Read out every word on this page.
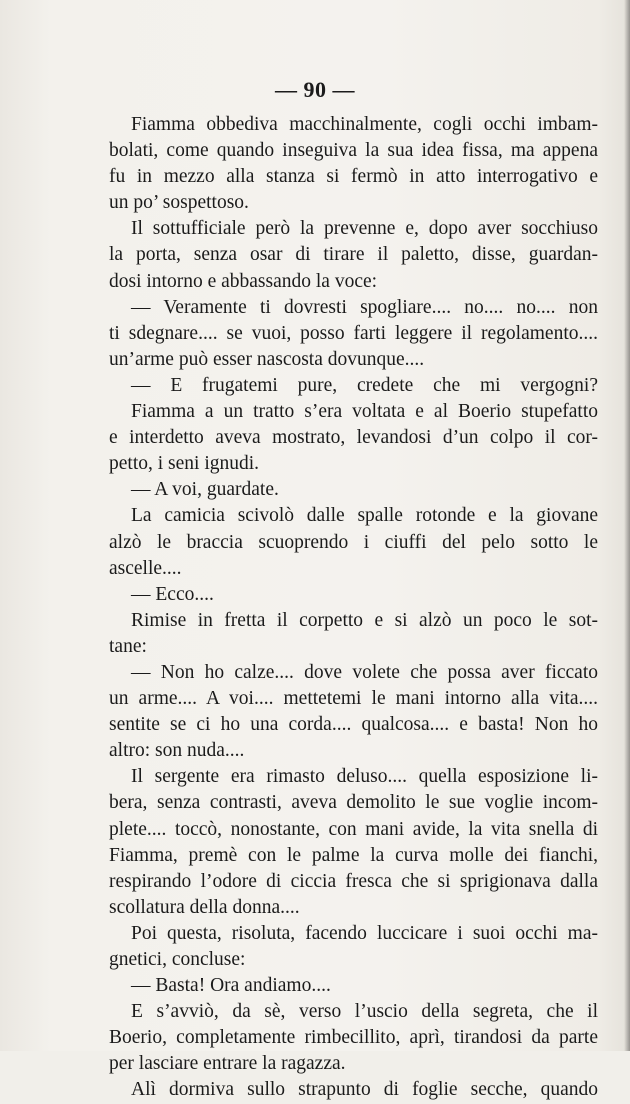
— 90 —
Fiamma obbediva macchinalmente, cogli occhi imbam-
bolati, come quando inseguiva la sua idea fissa, ma appena
fu in mezzo alla stanza si fermò in atto interrogativo e
un po’ sospettoso.
Il sottufficiale però la prevenne e, dopo aver socchiuso
la porta, senza osar di tirare il paletto, disse, guardan-
dosi intorno e abbassando la voce:
— Veramente ti dovresti spogliare.... no.... no.... non
ti sdegnare.... se vuoi, posso farti leggere il regolamento....
un’arme può esser nascosta dovunque....
— E frugatemi pure, credete che mi vergogni?
Fiamma a un tratto s’era voltata e al Boerio stupefatto
e interdetto aveva mostrato, levandosi d’un colpo il cor-
petto, i seni ignudi.
— A voi, guardate.
La camicia scivolò dalle spalle rotonde e la giovane
alzò le braccia scuoprendo i ciuffi del pelo sotto le
ascelle....
— Ecco....
Rimise in fretta il corpetto e si alzò un poco le sot-
tane:
— Non ho calze.... dove volete che possa aver ficcato
un arme.... A voi.... mettetemi le mani intorno alla vita....
sentite se ci ho una corda.... qualcosa.... e basta! Non ho
altro: son nuda....
Il sergente era rimasto deluso.... quella esposizione li-
bera, senza contrasti, aveva demolito le sue voglie incom-
plete.... toccò, nonostante, con mani avide, la vita snella di
Fiamma, premè con le palme la curva molle dei fianchi,
respirando l’odore di ciccia fresca che si sprigionava dalla
scollatura della donna....
Poi questa, risoluta, facendo luccicare i suoi occhi ma-
gnetici, concluse:
— Basta! Ora andiamo....
E s’avviò, da sè, verso l’uscio della segreta, che il
Boerio, completamente rimbecillito, aprì, tirandosi da parte
per lasciare entrare la ragazza.
Alì dormiva sullo strapunto di foglie secche, quando
